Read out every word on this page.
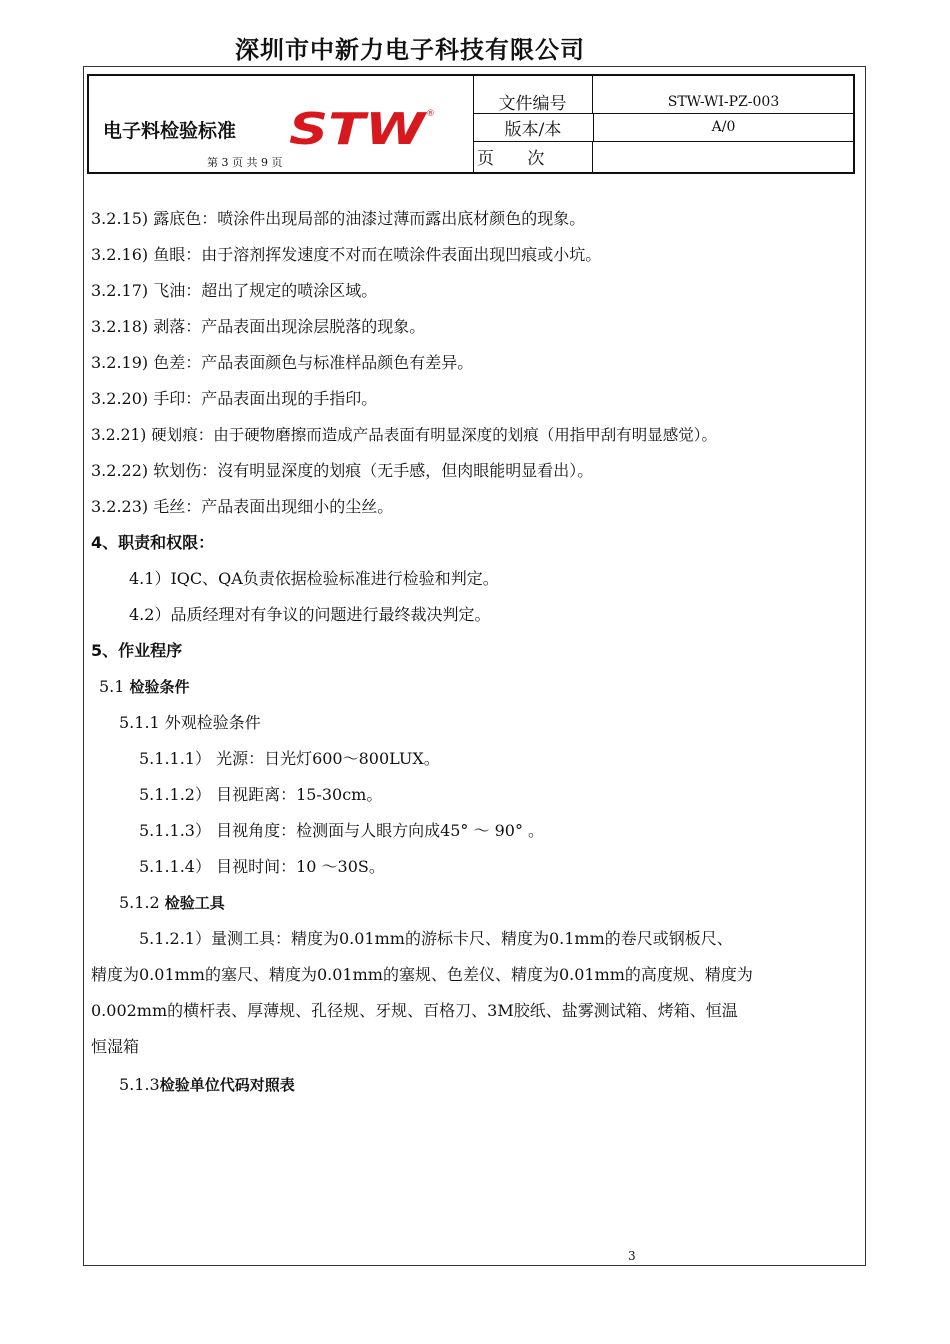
深圳市中新力电子科技有限公司
电子料检验标准 STW
®
第 3 页 共 9 页
文件编号	STW-WI-PZ-003
版本/本	A/0
页 次
3.2.15) 露底色：喷涂件出现局部的油漆过薄而露出底材颜色的现象。
3.2.16) 鱼眼：由于溶剂挥发速度不对而在喷涂件表面出现凹痕或小坑。
3.2.17) 飞油：超出了规定的喷涂区域。
3.2.18) 剥落：产品表面出现涂层脱落的现象。
3.2.19) 色差：产品表面颜色与标准样品颜色有差异。
3.2.20) 手印：产品表面出现的手指印。
3.2.21) 硬划痕：由于硬物磨擦而造成产品表面有明显深度的划痕（用指甲刮有明显感觉）。
3.2.22) 软划伤：沒有明显深度的划痕（无手感，但肉眼能明显看出）。
3.2.23) 毛丝：产品表面出现细小的尘丝。
4、职责和权限：
4.1）IQC、QA负责依据检验标准进行检验和判定。
4.2）品质经理对有争议的问题进行最终裁决判定。
5、作业程序
5.1 检验条件
5.1.1 外观检验条件
5.1.1.1） 光源：日光灯600～800LUX。
5.1.1.2） 目视距离：15-30cm。
5.1.1.3） 目视角度：检测面与人眼方向成45° ～ 90° 。
5.1.1.4） 目视时间：10 ～30S。
5.1.2 检验工具
5.1.2.1）量测工具：精度为0.01mm的游标卡尺、精度为0.1mm的卷尺或钢板尺、
精度为0.01mm的塞尺、精度为0.01mm的塞规、色差仪、精度为0.01mm的高度规、精度为
0.002mm的横杆表、厚薄规、孔径规、牙规、百格刀、3M胶纸、盐雾测试箱、烤箱、恒温
恒湿箱
5.1.3检验单位代码对照表
3
